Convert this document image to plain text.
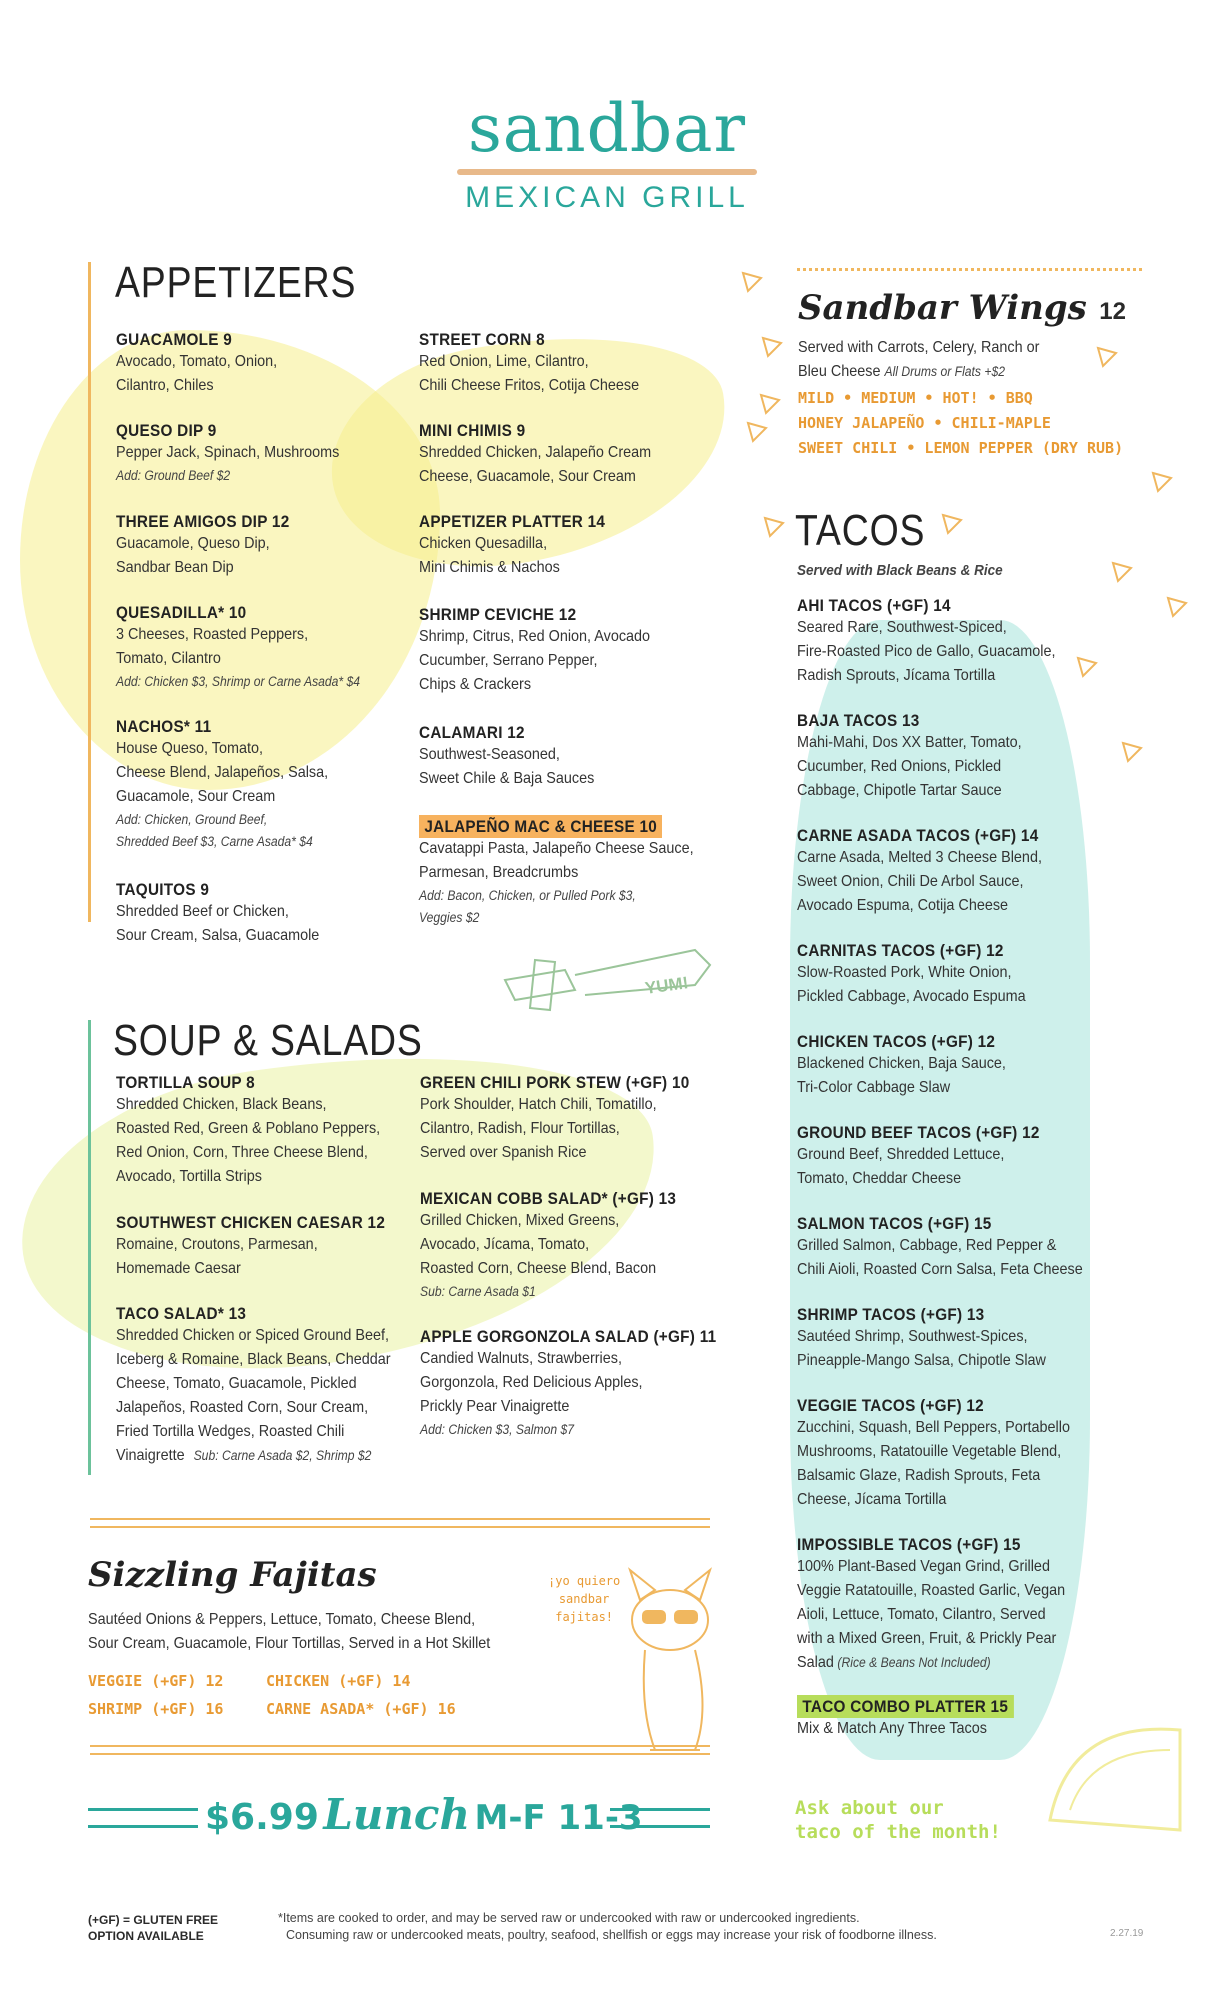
sandbar
MEXICAN GRILL
APPETIZERS
GUACAMOLE 9
Avocado, Tomato, Onion,
Cilantro, Chiles
QUESO DIP 9
Pepper Jack, Spinach, Mushrooms
Add: Ground Beef $2
THREE AMIGOS DIP 12
Guacamole, Queso Dip,
Sandbar Bean Dip
QUESADILLA* 10
3 Cheeses, Roasted Peppers,
Tomato, Cilantro
Add: Chicken $3, Shrimp or Carne Asada* $4
NACHOS* 11
House Queso, Tomato,
Cheese Blend, Jalapeños, Salsa,
Guacamole, Sour Cream
Add: Chicken, Ground Beef,
Shredded Beef $3, Carne Asada* $4
TAQUITOS 9
Shredded Beef or Chicken,
Sour Cream, Salsa, Guacamole
STREET CORN 8
Red Onion, Lime, Cilantro,
Chili Cheese Fritos, Cotija Cheese
MINI CHIMIS 9
Shredded Chicken, Jalapeño Cream
Cheese, Guacamole, Sour Cream
APPETIZER PLATTER 14
Chicken Quesadilla,
Mini Chimis & Nachos
SHRIMP CEVICHE 12
Shrimp, Citrus, Red Onion, Avocado
Cucumber, Serrano Pepper,
Chips & Crackers
CALAMARI 12
Southwest-Seasoned,
Sweet Chile & Baja Sauces
JALAPEÑO MAC & CHEESE 10
Cavatappi Pasta, Jalapeño Cheese Sauce,
Parmesan, Breadcrumbs
Add: Bacon, Chicken, or Pulled Pork $3,
Veggies $2
YUM!
SOUP & SALADS
TORTILLA SOUP 8
Shredded Chicken, Black Beans,
Roasted Red, Green & Poblano Peppers,
Red Onion, Corn, Three Cheese Blend,
Avocado, Tortilla Strips
SOUTHWEST CHICKEN CAESAR 12
Romaine, Croutons, Parmesan,
Homemade Caesar
TACO SALAD* 13
Shredded Chicken or Spiced Ground Beef,
Iceberg & Romaine, Black Beans, Cheddar
Cheese, Tomato, Guacamole, Pickled
Jalapeños, Roasted Corn, Sour Cream,
Fried Tortilla Wedges, Roasted Chili
Vinaigrette Sub: Carne Asada $2, Shrimp $2
GREEN CHILI PORK STEW (+GF) 10
Pork Shoulder, Hatch Chili, Tomatillo,
Cilantro, Radish, Flour Tortillas,
Served over Spanish Rice
MEXICAN COBB SALAD* (+GF) 13
Grilled Chicken, Mixed Greens,
Avocado, Jícama, Tomato,
Roasted Corn, Cheese Blend, Bacon
Sub: Carne Asada $1
APPLE GORGONZOLA SALAD (+GF) 11
Candied Walnuts, Strawberries,
Gorgonzola, Red Delicious Apples,
Prickly Pear Vinaigrette
Add: Chicken $3, Salmon $7
Sizzling Fajitas
Sautéed Onions & Peppers, Lettuce, Tomato, Cheese Blend,
Sour Cream, Guacamole, Flour Tortillas, Served in a Hot Skillet
VEGGIE (+GF) 12	CHICKEN (+GF) 14
SHRIMP (+GF) 16	CARNE ASADA* (+GF) 16
¡yo quiero
sandbar
fajitas!
$6.99 Lunch M-F 11-3
Sandbar Wings 12
Served with Carrots, Celery, Ranch or
Bleu Cheese All Drums or Flats +$2
MILD • MEDIUM • HOT! • BBQ
HONEY JALAPEÑO • CHILI-MAPLE
SWEET CHILI • LEMON PEPPER (DRY RUB)
TACOS
Served with Black Beans & Rice
AHI TACOS (+GF) 14
Seared Rare, Southwest-Spiced,
Fire-Roasted Pico de Gallo, Guacamole,
Radish Sprouts, Jícama Tortilla
BAJA TACOS 13
Mahi-Mahi, Dos XX Batter, Tomato,
Cucumber, Red Onions, Pickled
Cabbage, Chipotle Tartar Sauce
CARNE ASADA TACOS (+GF) 14
Carne Asada, Melted 3 Cheese Blend,
Sweet Onion, Chili De Arbol Sauce,
Avocado Espuma, Cotija Cheese
CARNITAS TACOS (+GF) 12
Slow-Roasted Pork, White Onion,
Pickled Cabbage, Avocado Espuma
CHICKEN TACOS (+GF) 12
Blackened Chicken, Baja Sauce,
Tri-Color Cabbage Slaw
GROUND BEEF TACOS (+GF) 12
Ground Beef, Shredded Lettuce,
Tomato, Cheddar Cheese
SALMON TACOS (+GF) 15
Grilled Salmon, Cabbage, Red Pepper &
Chili Aioli, Roasted Corn Salsa, Feta Cheese
SHRIMP TACOS (+GF) 13
Sautéed Shrimp, Southwest-Spices,
Pineapple-Mango Salsa, Chipotle Slaw
VEGGIE TACOS (+GF) 12
Zucchini, Squash, Bell Peppers, Portabello
Mushrooms, Ratatouille Vegetable Blend,
Balsamic Glaze, Radish Sprouts, Feta
Cheese, Jícama Tortilla
IMPOSSIBLE TACOS (+GF) 15
100% Plant-Based Vegan Grind, Grilled
Veggie Ratatouille, Roasted Garlic, Vegan
Aioli, Lettuce, Tomato, Cilantro, Served
with a Mixed Green, Fruit, & Prickly Pear
Salad (Rice & Beans Not Included)
TACO COMBO PLATTER 15
Mix & Match Any Three Tacos
Ask about our
taco of the month!
(+GF) = GLUTEN FREE
OPTION AVAILABLE
*Items are cooked to order, and may be served raw or undercooked with raw or undercooked ingredients.
Consuming raw or undercooked meats, poultry, seafood, shellfish or eggs may increase your risk of foodborne illness.	2.27.19
